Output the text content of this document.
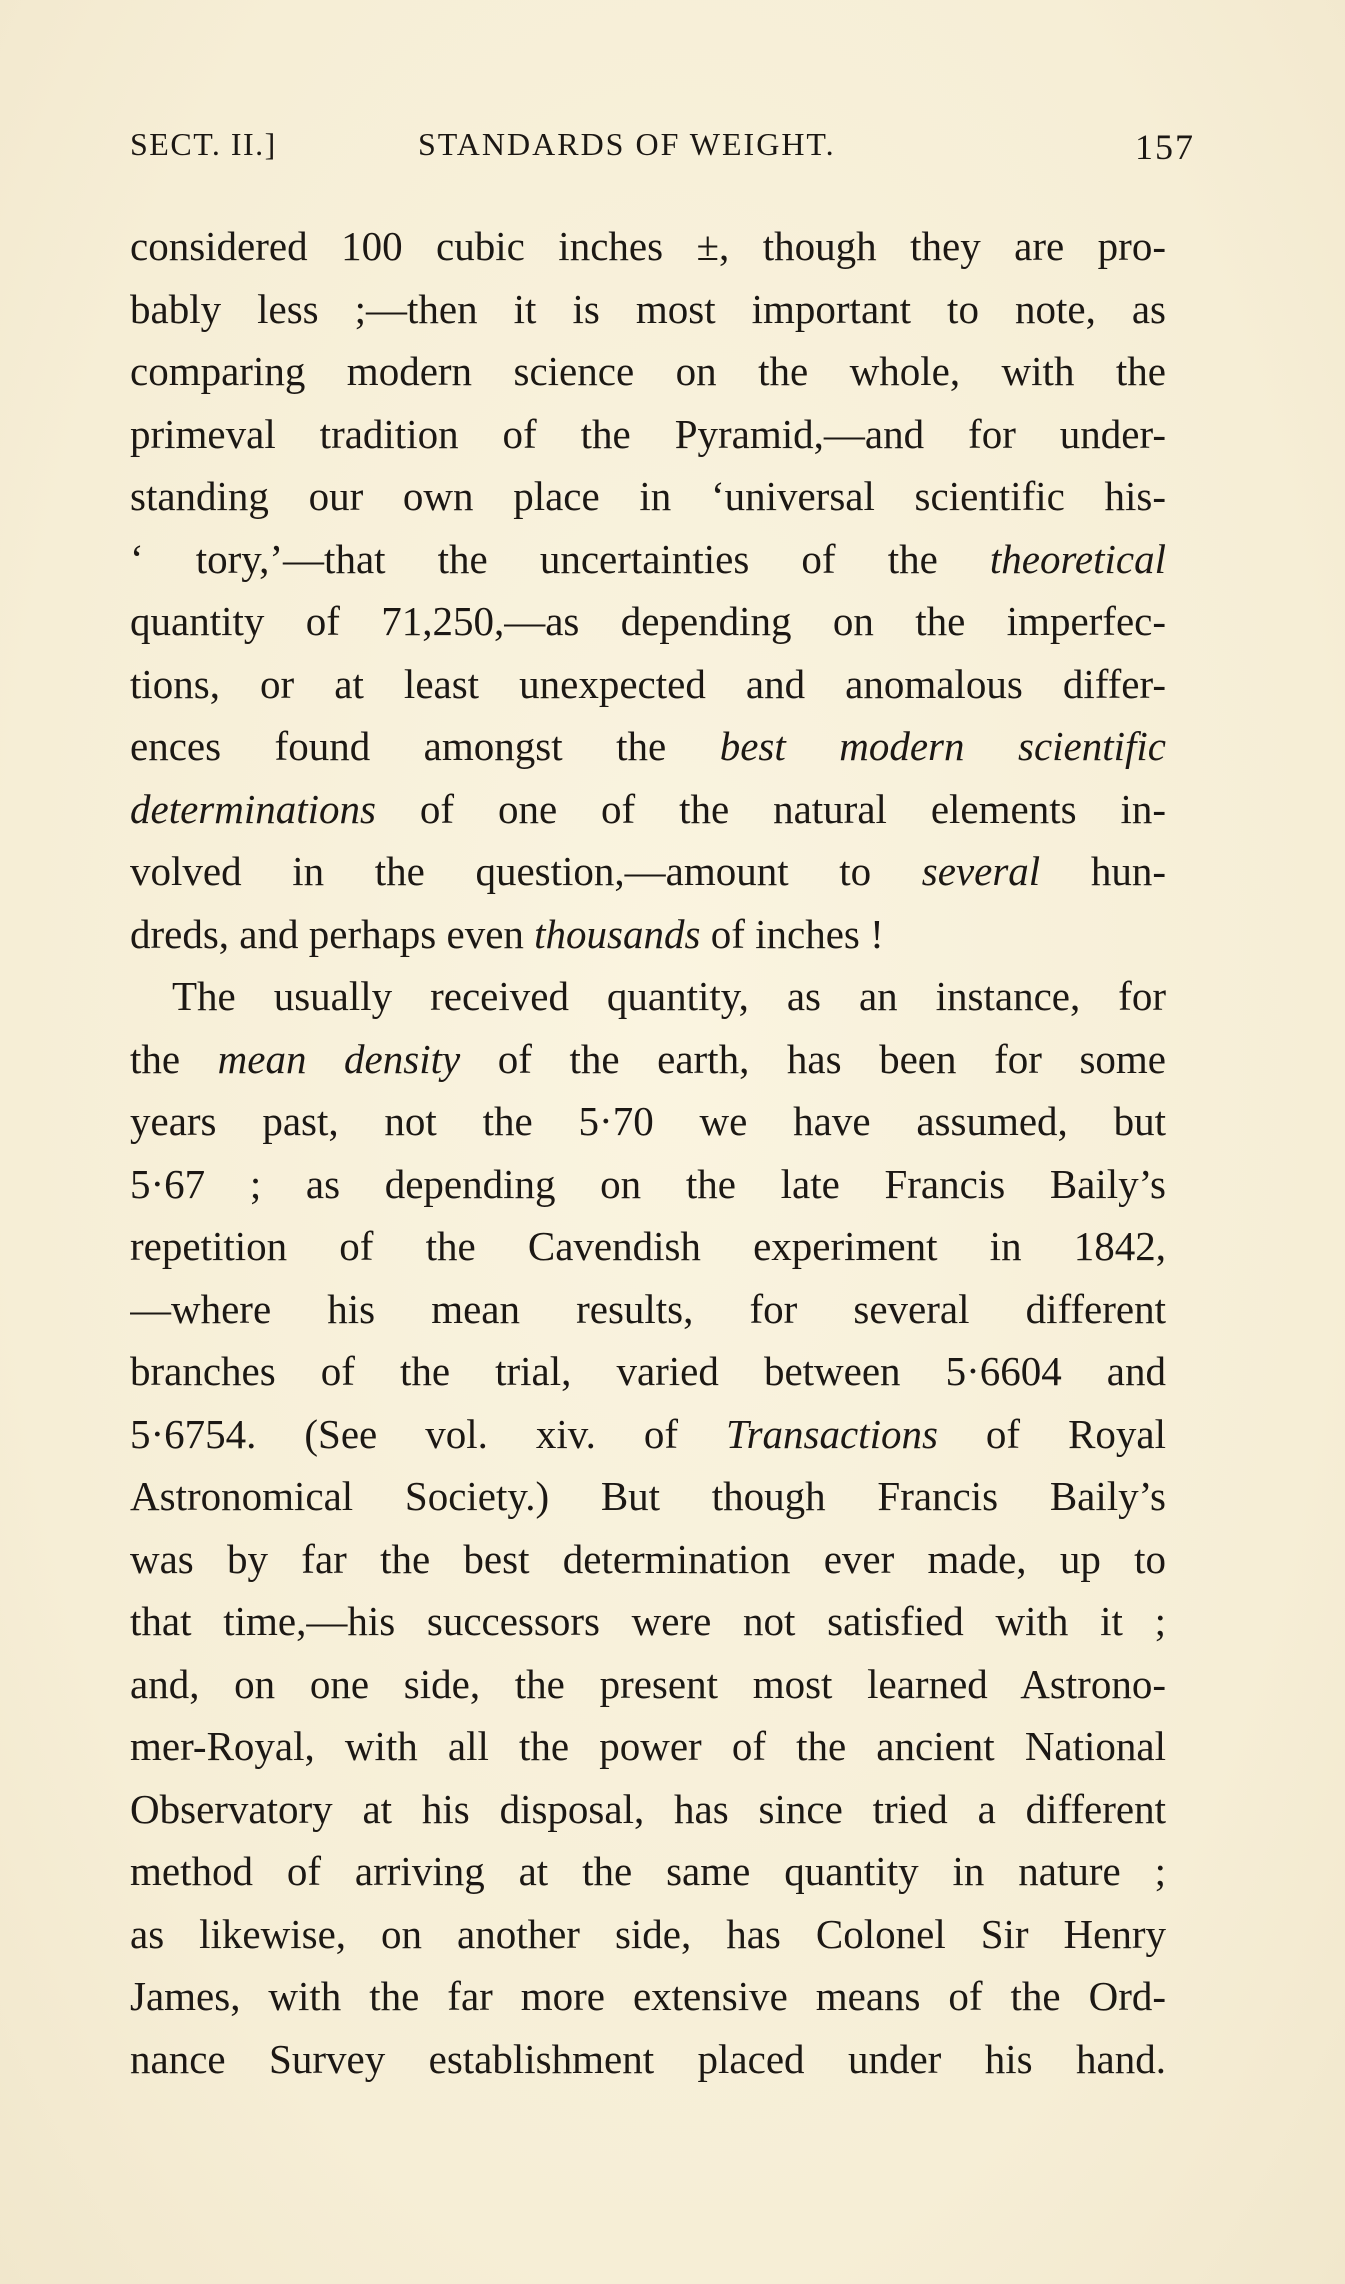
SECT. II.]	STANDARDS OF WEIGHT.	157
considered 100 cubic inches ±, though they are pro-
bably less ;—then it is most important to note, as
comparing modern science on the whole, with the
primeval tradition of the Pyramid,—and for under-
standing our own place in ‘universal scientific his-
‘ tory,’—that the uncertainties of the theoretical
quantity of 71,250,—as depending on the imperfec-
tions, or at least unexpected and anomalous differ-
ences found amongst the best modern scientific
determinations of one of the natural elements in-
volved in the question,—amount to several hun-
dreds, and perhaps even thousands of inches !
The usually received quantity, as an instance, for
the mean density of the earth, has been for some
years past, not the 5·70 we have assumed, but
5·67 ; as depending on the late Francis Baily’s
repetition of the Cavendish experiment in 1842,
—where his mean results, for several different
branches of the trial, varied between 5·6604 and
5·6754. (See vol. xiv. of Transactions of Royal
Astronomical Society.) But though Francis Baily’s
was by far the best determination ever made, up to
that time,—his successors were not satisfied with it ;
and, on one side, the present most learned Astrono-
mer-Royal, with all the power of the ancient National
Observatory at his disposal, has since tried a different
method of arriving at the same quantity in nature ;
as likewise, on another side, has Colonel Sir Henry
James, with the far more extensive means of the Ord-
nance Survey establishment placed under his hand.
